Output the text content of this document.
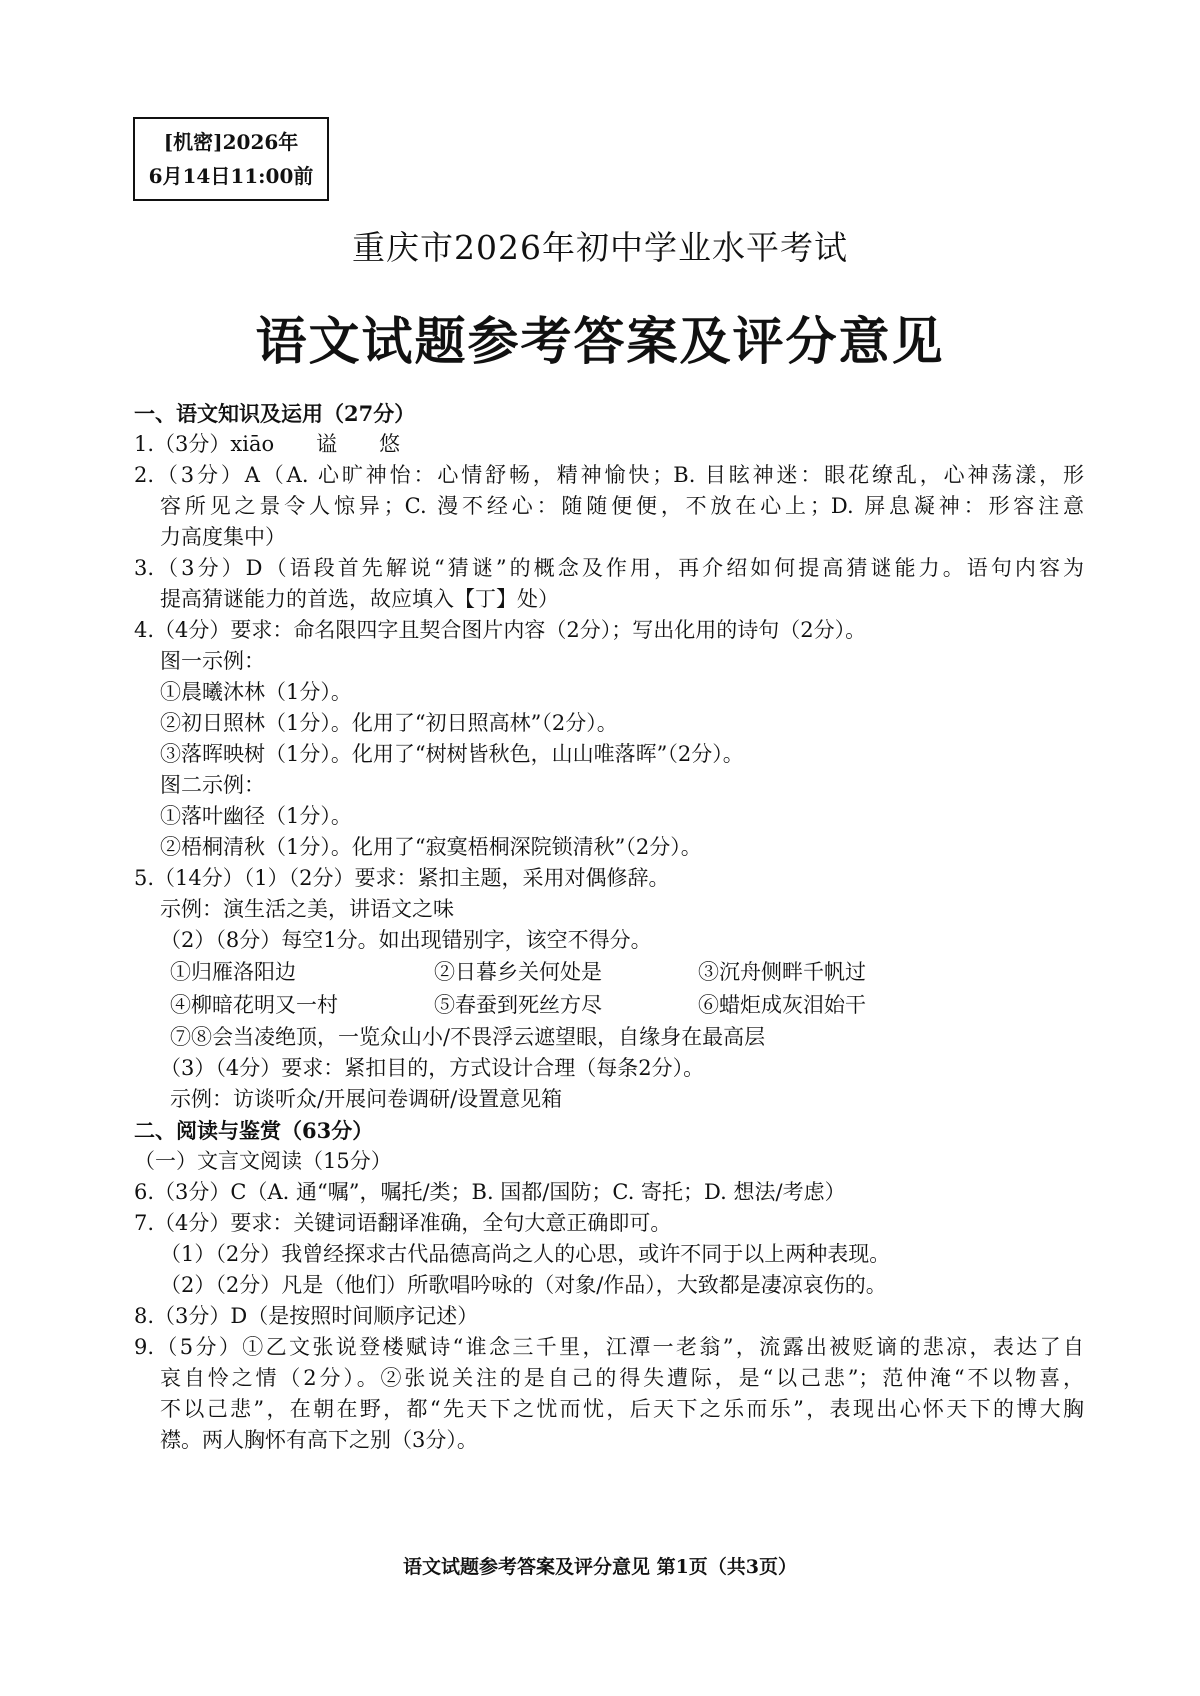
[机密]2026年
6月14日11:00前
重庆市2026年初中学业水平考试
语文试题参考答案及评分意见
一、语文知识及运用（27分）
1.（3分）xiāo　　谥　　悠
2.（3分）A（A. 心旷神怡：心情舒畅，精神愉快；B. 目眩神迷：眼花缭乱，心神荡漾，形
容所见之景令人惊异；C. 漫不经心：随随便便，不放在心上；D. 屏息凝神：形容注意
力高度集中）
3.（3分）D（语段首先解说“猜谜”的概念及作用，再介绍如何提高猜谜能力。语句内容为
提高猜谜能力的首选，故应填入【丁】处）
4.（4分）要求：命名限四字且契合图片内容（2分）；写出化用的诗句（2分）。
图一示例：
①晨曦沐林（1分）。
②初日照林（1分）。化用了“初日照高林”（2分）。
③落晖映树（1分）。化用了“树树皆秋色，山山唯落晖”（2分）。
图二示例：
①落叶幽径（1分）。
②梧桐清秋（1分）。化用了“寂寞梧桐深院锁清秋”（2分）。
5.（14分）（1）（2分）要求：紧扣主题，采用对偶修辞。
示例：演生活之美，讲语文之味
（2）（8分）每空1分。如出现错别字，该空不得分。
①归雁洛阳边	②日暮乡关何处是	③沉舟侧畔千帆过
④柳暗花明又一村	⑤春蚕到死丝方尽	⑥蜡炬成灰泪始干
⑦⑧会当凌绝顶，一览众山小/不畏浮云遮望眼，自缘身在最高层
（3）（4分）要求：紧扣目的，方式设计合理（每条2分）。
示例：访谈听众/开展问卷调研/设置意见箱
二、阅读与鉴赏（63分）
（一）文言文阅读（15分）
6.（3分）C（A. 通“嘱”，嘱托/类；B. 国都/国防；C. 寄托；D. 想法/考虑）
7.（4分）要求：关键词语翻译准确，全句大意正确即可。
（1）（2分）我曾经探求古代品德高尚之人的心思，或许不同于以上两种表现。
（2）（2分）凡是（他们）所歌唱吟咏的（对象/作品），大致都是凄凉哀伤的。
8.（3分）D（是按照时间顺序记述）
9.（5分）①乙文张说登楼赋诗“谁念三千里，江潭一老翁”，流露出被贬谪的悲凉，表达了自
哀自怜之情（2分）。②张说关注的是自己的得失遭际，是“以己悲”；范仲淹“不以物喜，
不以己悲”，在朝在野，都“先天下之忧而忧，后天下之乐而乐”，表现出心怀天下的博大胸
襟。两人胸怀有高下之别（3分）。
语文试题参考答案及评分意见 第1页（共3页）
